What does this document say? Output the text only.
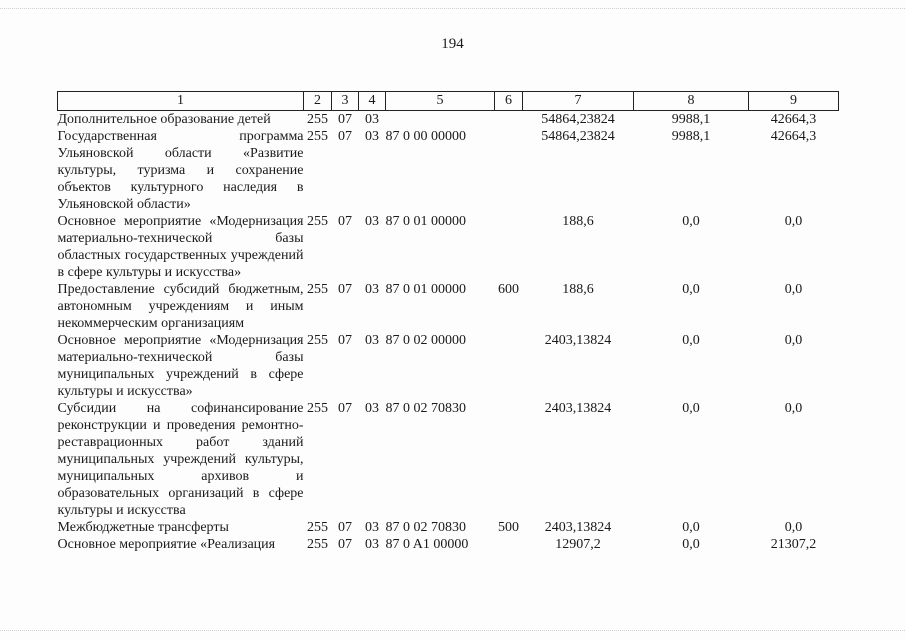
194
1	2	3	4	5	6	7	8	9
Дополнительное образование детей	255	07	03			54864,23824	9988,1	42664,3
Государственная программа Ульяновской области «Развитие культуры, туризма и сохранение объектов культурного наследия в Ульяновской области»	255	07	03	87 0 00 00000		54864,23824	9988,1	42664,3
Основное мероприятие «Модернизация материально-технической базы областных государственных учреждений в сфере культуры и искусства»	255	07	03	87 0 01 00000		188,6	0,0	0,0
Предоставление субсидий бюджетным, автономным учреждениям и иным некоммерческим организациям	255	07	03	87 0 01 00000	600	188,6	0,0	0,0
Основное мероприятие «Модернизация материально-технической базы муниципальных учреждений в сфере культуры и искусства»	255	07	03	87 0 02 00000		2403,13824	0,0	0,0
Субсидии на софинансирование реконструкции и проведения ремонтно-реставрационных работ зданий муниципальных учреждений культуры, муниципальных архивов и образовательных организаций в сфере культуры и искусства	255	07	03	87 0 02 70830		2403,13824	0,0	0,0
Межбюджетные трансферты	255	07	03	87 0 02 70830	500	2403,13824	0,0	0,0
Основное мероприятие «Реализация	255	07	03	87 0 A1 00000		12907,2	0,0	21307,2
